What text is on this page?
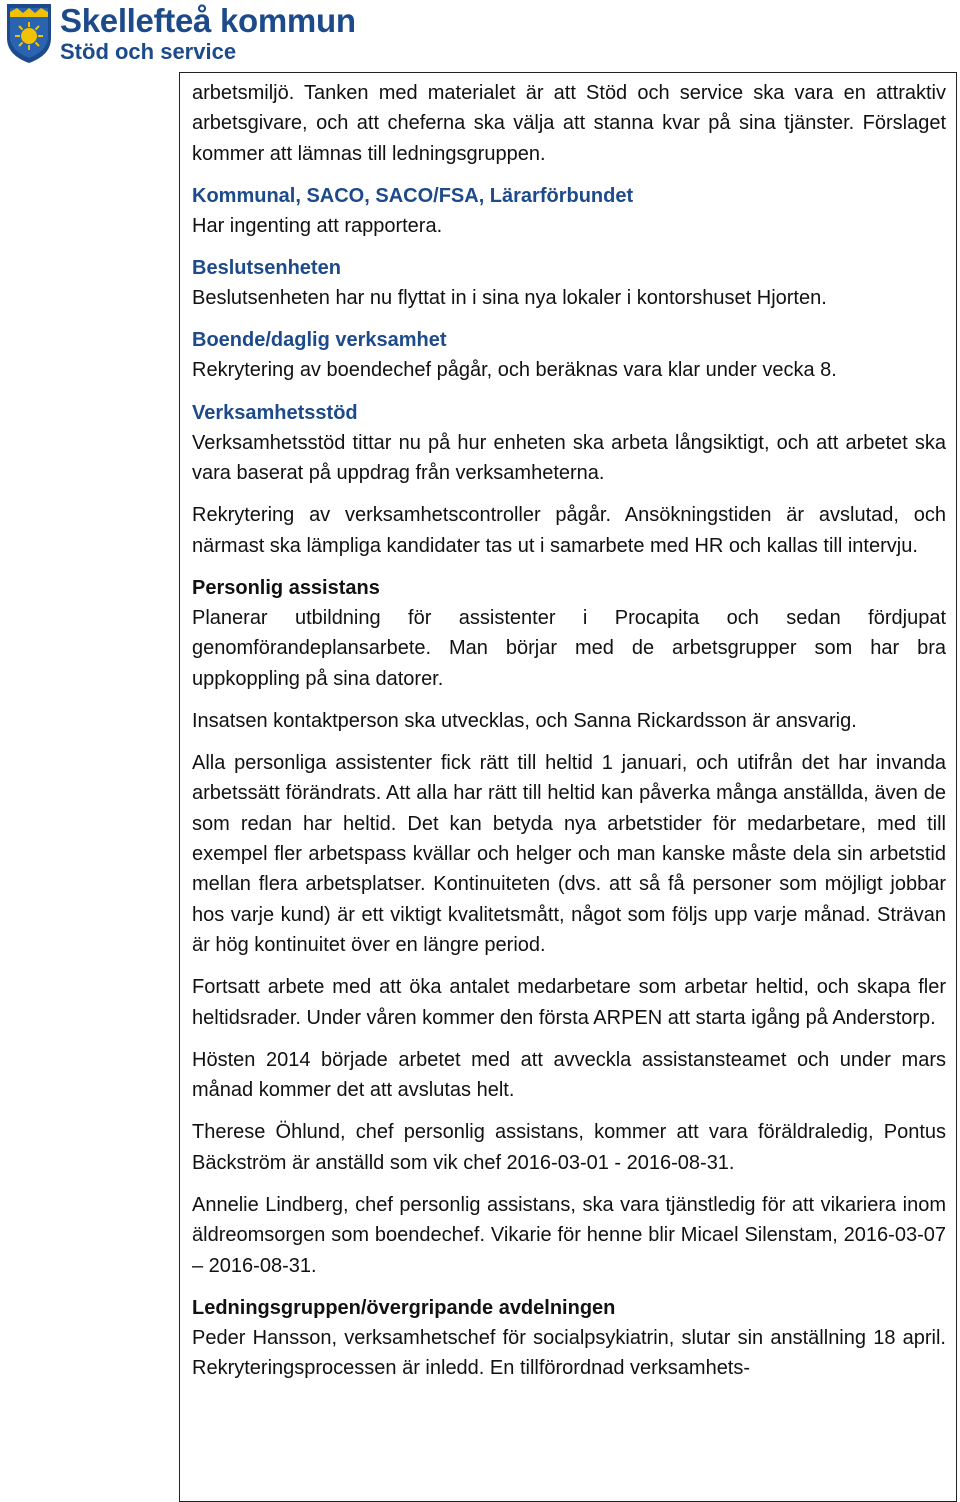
Skellefteå kommun
Stöd och service

arbetsmiljö. Tanken med materialet är att Stöd och service ska vara en attraktiv arbetsgivare, och att cheferna ska välja att stanna kvar på sina tjänster. Förslaget kommer att lämnas till ledningsgruppen.

Kommunal, SACO, SACO/FSA, Lärarförbundet

Har ingenting att rapportera.

Beslutsenheten

Beslutsenheten har nu flyttat in i sina nya lokaler i kontorshuset Hjorten.

Boende/daglig verksamhet

Rekrytering av boendechef pågår, och beräknas vara klar under vecka 8.

Verksamhetsstöd

Verksamhetsstöd tittar nu på hur enheten ska arbeta långsiktigt, och att arbetet ska vara baserat på uppdrag från verksamheterna.

Rekrytering av verksamhetscontroller pågår. Ansökningstiden är avslutad, och närmast ska lämpliga kandidater tas ut i samarbete med HR och kallas till intervju.

Personlig assistans

Planerar utbildning för assistenter i Procapita och sedan fördjupat genomförandeplansarbete. Man börjar med de arbetsgrupper som har bra uppkoppling på sina datorer.

Insatsen kontaktperson ska utvecklas, och Sanna Rickardsson är ansvarig.

Alla personliga assistenter fick rätt till heltid 1 januari, och utifrån det har invanda arbetssätt förändrats. Att alla har rätt till heltid kan påverka många anställda, även de som redan har heltid. Det kan betyda nya arbetstider för medarbetare, med till exempel fler arbetspass kvällar och helger och man kanske måste dela sin arbetstid mellan flera arbetsplatser. Kontinuiteten (dvs. att så få personer som möjligt jobbar hos varje kund) är ett viktigt kvalitetsmått, något som följs upp varje månad. Strävan är hög kontinuitet över en längre period.

Fortsatt arbete med att öka antalet medarbetare som arbetar heltid, och skapa fler heltidsrader. Under våren kommer den första ARPEN att starta igång på Anderstorp.

Hösten 2014 började arbetet med att avveckla assistansteamet och under mars månad kommer det att avslutas helt.

Therese Öhlund, chef personlig assistans, kommer att vara föräldraledig, Pontus Bäckström är anställd som vik chef 2016-03-01 - 2016-08-31.

Annelie Lindberg, chef personlig assistans, ska vara tjänstledig för att vikariera inom äldreomsorgen som boendechef. Vikarie för henne blir Micael Silenstam, 2016-03-07 – 2016-08-31.

Ledningsgruppen/övergripande avdelningen

Peder Hansson, verksamhetschef för socialpsykiatrin, slutar sin anställning 18 april. Rekryteringsprocessen är inledd. En tillförordnad verksamhets-
